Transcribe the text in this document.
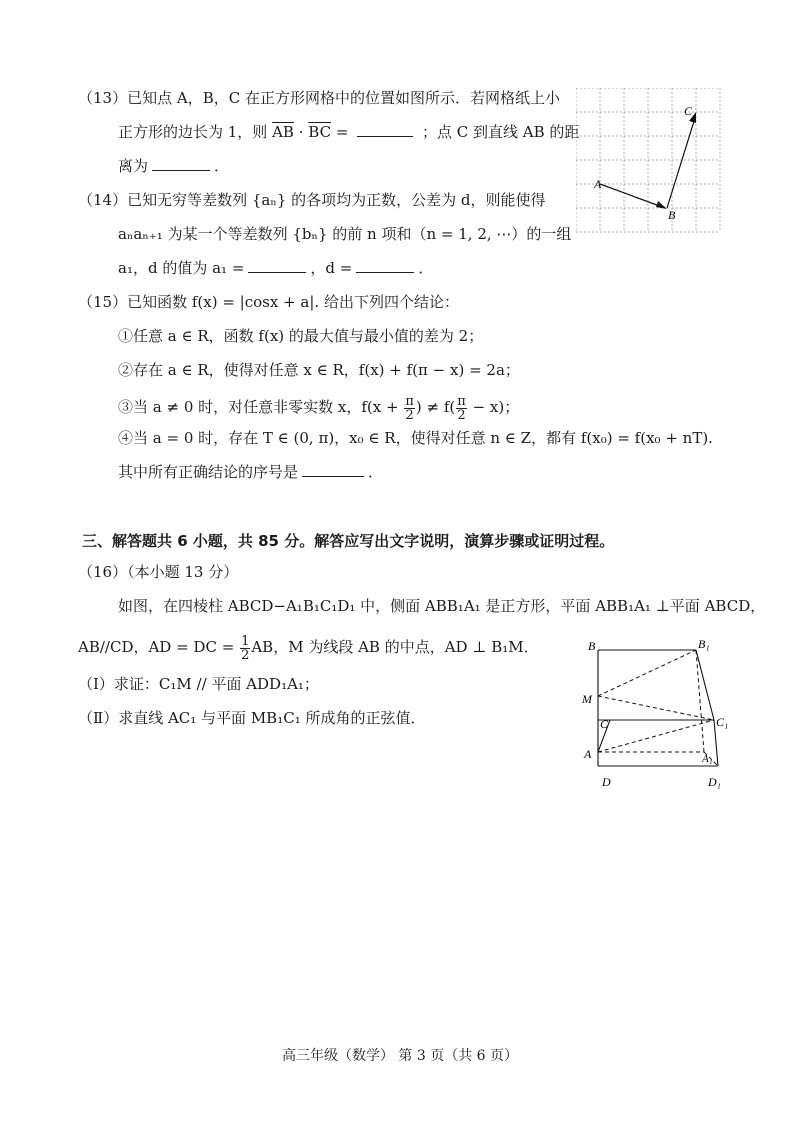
（13）已知点 A，B，C 在正方形网格中的位置如图所示．若网格纸上小
正方形的边长为 1，则 $\overline{AB} \cdot \overline{BC}$ =	；点 C 到直线 AB 的距
离为	．
A
B
C
（14）已知无穷等差数列 {aₙ} 的各项均为正数，公差为 d，则能使得
aₙaₙ₊₁ 为某一个等差数列 {bₙ} 的前 n 项和（n = 1, 2, ⋯）的一组
a₁，d 的值为 a₁ =	，d =	．
（15）已知函数 f(x) = |cosx + a|. 给出下列四个结论：
①任意 a ∈ R，函数 f(x) 的最大值与最小值的差为 2；
②存在 a ∈ R，使得对任意 x ∈ R，f(x) + f(π − x) = 2a；
③当 a ≠ 0 时，对任意非零实数 x，$f(x + \frac{\pi}{2}$ ) ≠ $f( \frac{\pi}{2} - x)$；
④当 a = 0 时，存在 T ∈ (0, π)，x₀ ∈ R，使得对任意 n ∈ Z，都有 f(x₀) = f(x₀ + nT).
其中所有正确结论的序号是	．
三、解答题共 6 小题，共 85 分。解答应写出文字说明，演算步骤或证明过程。
（16）（本小题 13 分）
如图，在四棱柱 ABCD−A₁B₁C₁D₁ 中，侧面 ABB₁A₁ 是正方形，平面 ABB₁A₁ ⊥平面 ABCD，
AB//CD，AD = DC = $\frac{1}{2}$ AB，M 为线段 AB 的中点，AD ⊥ B₁M．
（Ⅰ）求证：C₁M // 平面 ADD₁A₁；
（Ⅱ）求直线 AC₁ 与平面 MB₁C₁ 所成角的正弦值．
B	B₁
M
C	C₁
A	A₁
D	D₁
高三年级（数学） 第 3 页（共 6 页）
